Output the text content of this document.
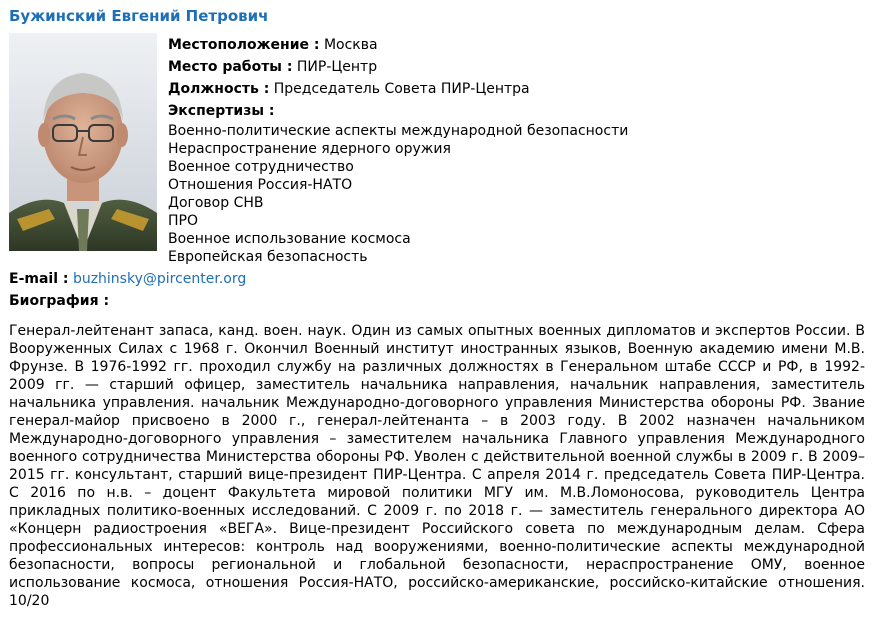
Бужинский Евгений Петрович
Местоположение : Москва
Место работы : ПИР-Центр
Должность : Председатель Совета ПИР-Центра
Экспертизы :
Военно-политические аспекты международной безопасности
Нераспространение ядерного оружия
Военное сотрудничество
Отношения Россия-НАТО
Договор СНВ
ПРО
Военное использование космоса
Европейская безопасность
E-mail : buzhinsky@pircenter.org
Биография :

Генерал-лейтенант запаса, канд. воен. наук. Один из самых опытных военных дипломатов и экспертов России. В Вооруженных Силах с 1968 г. Окончил Военный институт иностранных языков, Военную академию имени М.В. Фрунзе. В 1976-1992 гг. проходил службу на различных должностях в Генеральном штабе СССР и РФ, в 1992-2009 гг. — старший офицер, заместитель начальника направления, начальник направления, заместитель начальника управления. начальник Международно-договорного управления Министерства обороны РФ. Звание генерал-майор присвоено в 2000 г., генерал-лейтенанта – в 2003 году. В 2002 назначен начальником Международно-договорного управления – заместителем начальника Главного управления Международного военного сотрудничества Министерства обороны РФ. Уволен с действительной военной службы в 2009 г. В 2009–2015 гг. консультант, старший вице-президент ПИР-Центра. С апреля 2014 г. председатель Совета ПИР-Центра. С 2016 по н.в. – доцент Факультета мировой политики МГУ им. М.В.Ломоносова, руководитель Центра прикладных политико-военных исследований. С 2009 г. по 2018 г. — заместитель генерального директора АО «Концерн радиостроения «ВЕГА». Вице-президент Российского совета по международным делам. Сфера профессиональных интересов: контроль над вооружениями, военно-политические аспекты международной безопасности, вопросы региональной и глобальной безопасности, нераспространение ОМУ, военное использование космоса, отношения Россия-НАТО, российско-американские, российско-китайские отношения. 10/20
